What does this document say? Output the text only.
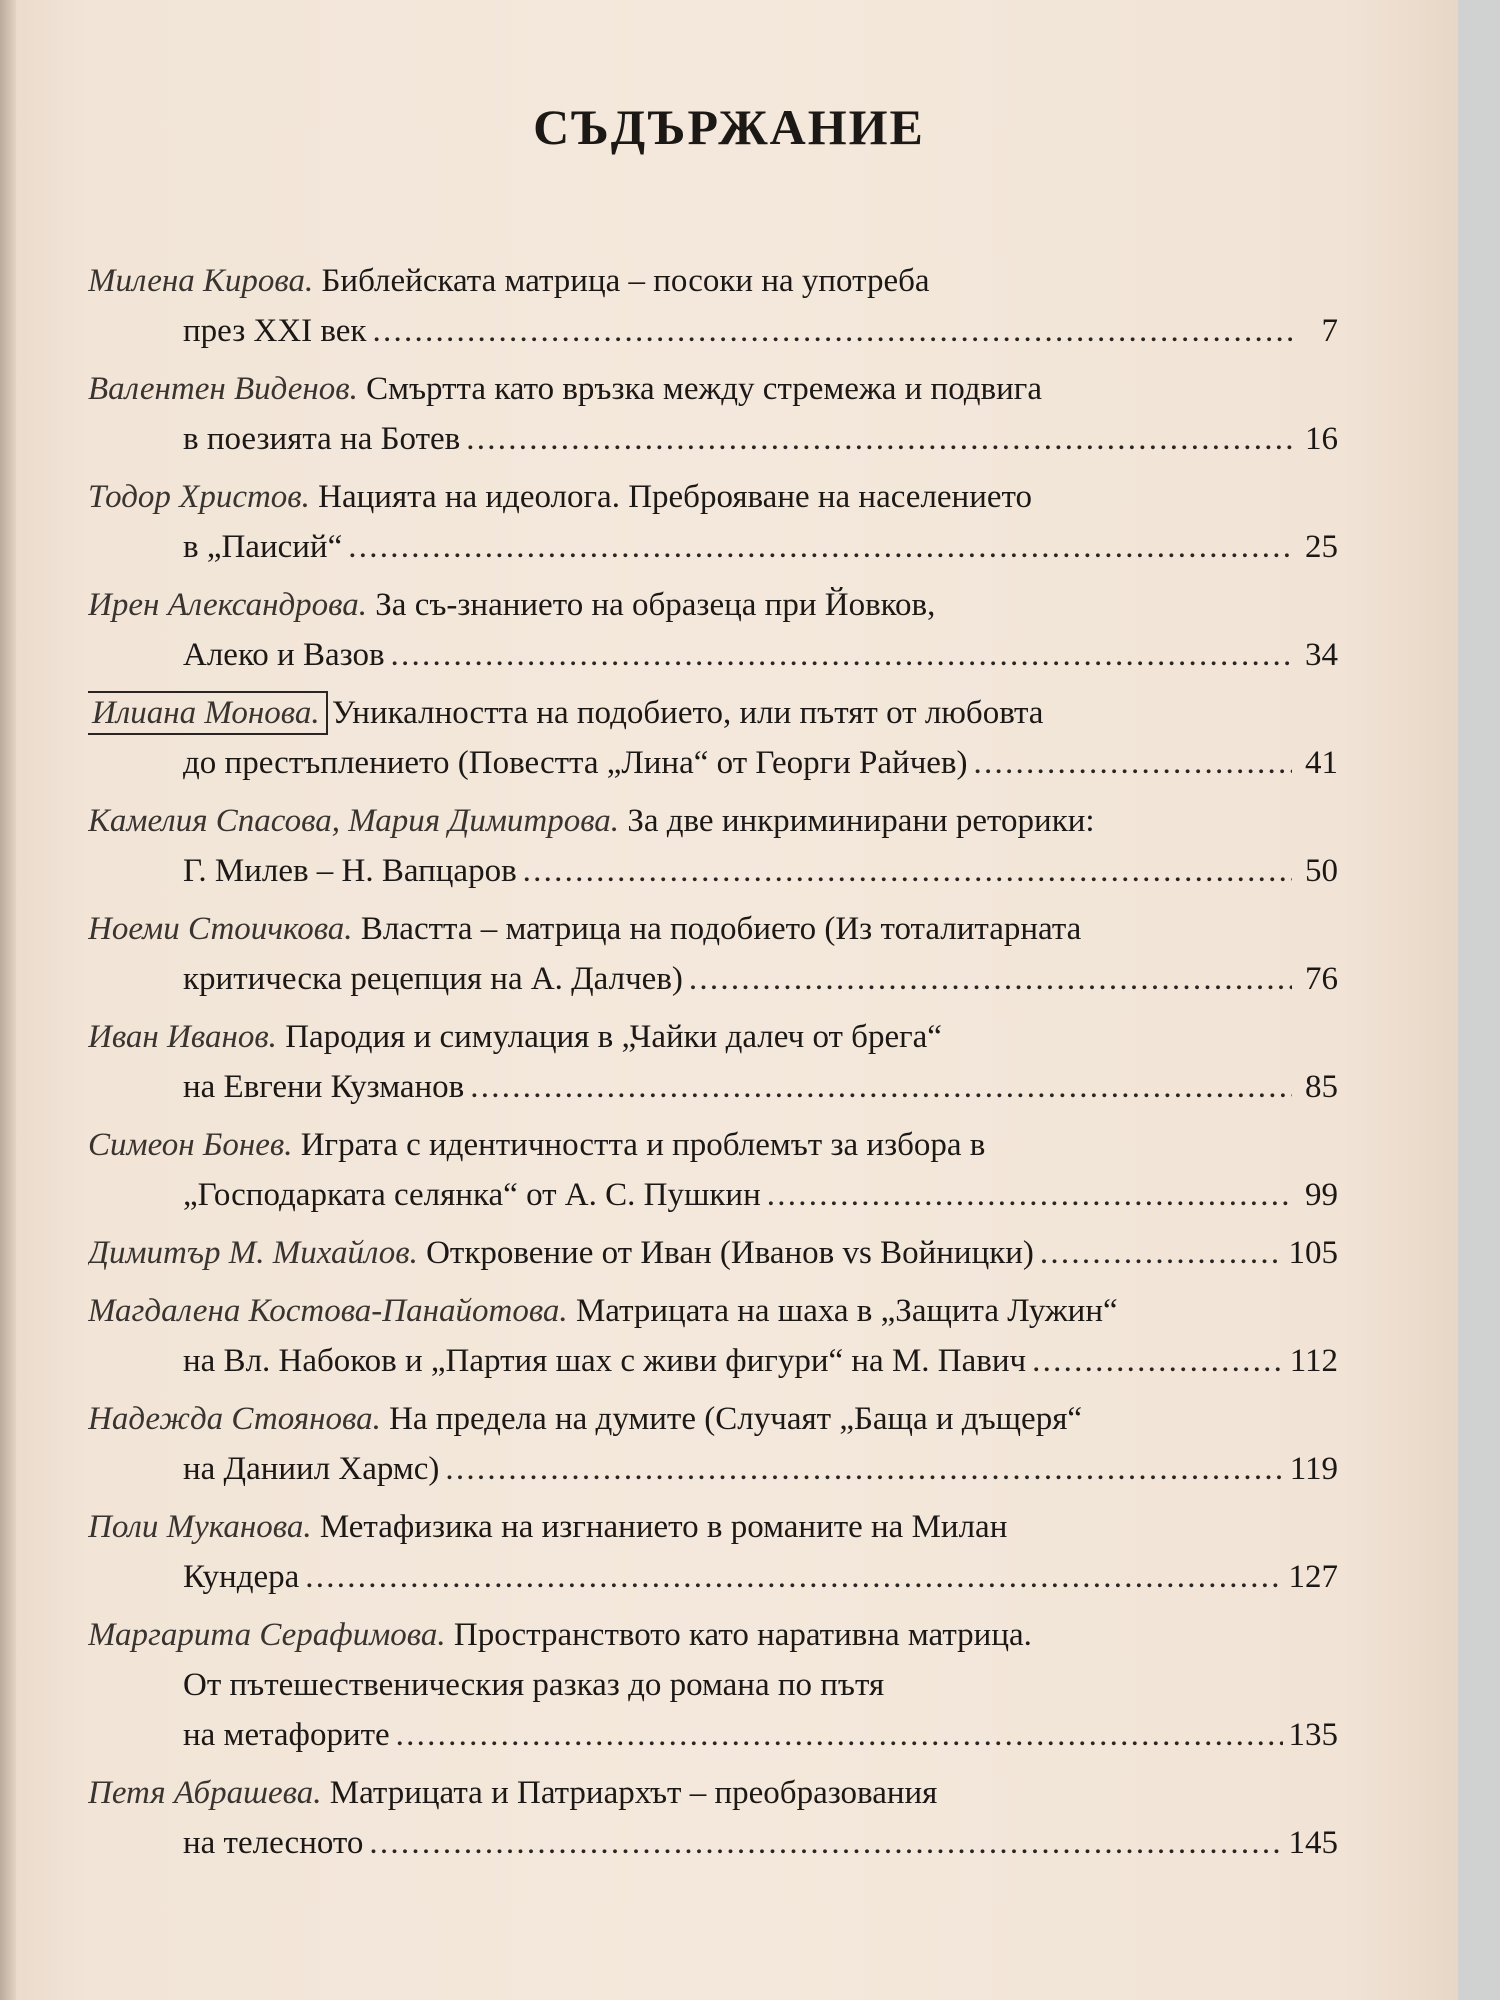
СЪДЪРЖАНИЕ
Милена Кирова. Библейската матрица – посоки на употреба
през XXI век . . .	7
Валентен Виденов. Смъртта като връзка между стремежа и подвига
в поезията на Ботев . . .	16
Тодор Христов. Нацията на идеолога. Преброяване на населението
в „Паисий“ . . .	25
Ирен Александрова. За съ-знанието на образеца при Йовков,
Алеко и Вазов . . .	34
Илиана Монова. Уникалността на подобието, или пътят от любовта
до престъплението (Повестта „Лина“ от Георги Райчев) . . .	41
Камелия Спасова, Мария Димитрова. За две инкриминирани реторики:
Г. Милев – Н. Вапцаров . . .	50
Ноеми Стоичкова. Властта – матрица на подобието (Из тоталитарната
критическа рецепция на А. Далчев) . . .	76
Иван Иванов. Пародия и симулация в „Чайки далеч от брега“
на Евгени Кузманов . . .	85
Симеон Бонев. Играта с идентичността и проблемът за избора в
„Господарката селянка“ от А. С. Пушкин . . .	99
Димитър М. Михайлов. Откровение от Иван (Иванов vs Войницки) . . .	105
Магдалена Костова-Панайотова. Матрицата на шаха в „Защита Лужин“
на Вл. Набоков и „Партия шах с живи фигури“ на М. Павич . . .	112
Надежда Стоянова. На предела на думите (Случаят „Баща и дъщеря“
на Даниил Хармс) . . .	119
Поли Муканова. Метафизика на изгнанието в романите на Милан
Кундера . . .	127
Маргарита Серафимова. Пространството като наративна матрица.
От пътешественическия разказ до романа по пътя
на метафорите . . .	135
Петя Абрашева. Матрицата и Патриархът – преобразования
на телесното . . .	145
